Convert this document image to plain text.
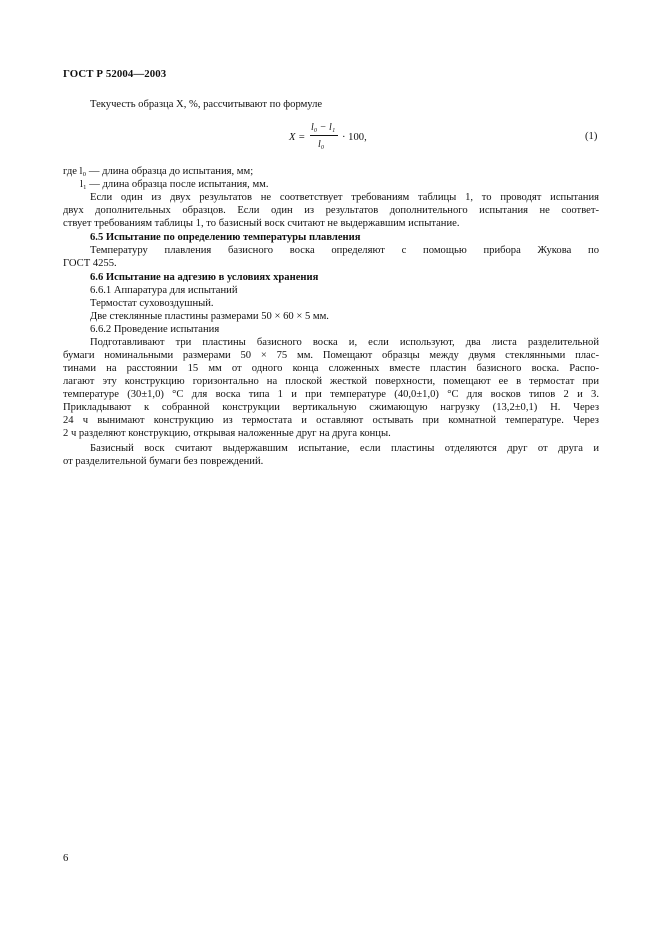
ГОСТ Р 52004—2003
Текучесть образца X, %, рассчитывают по формуле
X =
l₀ − l₁
l₀
· 100,	(1)
где l₀ — длина образца до испытания, мм;
l₁ — длина образца после испытания, мм.
Если один из двух результатов не соответствует требованиям таблицы 1, то проводят испытания
двух дополнительных образцов. Если один из результатов дополнительного испытания не соответ-
ствует требованиям таблицы 1, то базисный воск считают не выдержавшим испытание.
6.5 Испытание по определению температуры плавления
Температуру плавления базисного воска определяют с помощью прибора Жукова по
ГОСТ 4255.
6.6 Испытание на адгезию в условиях хранения
6.6.1 Аппаратура для испытаний
Термостат суховоздушный.
Две стеклянные пластины размерами 50 × 60 × 5 мм.
6.6.2 Проведение испытания
Подготавливают три пластины базисного воска и, если используют, два листа разделительной
бумаги номинальными размерами 50 × 75 мм. Помещают образцы между двумя стеклянными плас-
тинами на расстоянии 15 мм от одного конца сложенных вместе пластин базисного воска. Распо-
лагают эту конструкцию горизонтально на плоской жесткой поверхности, помещают ее в термостат при
температуре (30±1,0) °С для воска типа 1 и при температуре (40,0±1,0) °С для восков типов 2 и 3.
Прикладывают к собранной конструкции вертикальную сжимающую нагрузку (13,2±0,1) Н. Через
24 ч вынимают конструкцию из термостата и оставляют остывать при комнатной температуре. Через
2 ч разделяют конструкцию, открывая наложенные друг на друга концы.
Базисный воск считают выдержавшим испытание, если пластины отделяются друг от друга и
от разделительной бумаги без повреждений.
6
